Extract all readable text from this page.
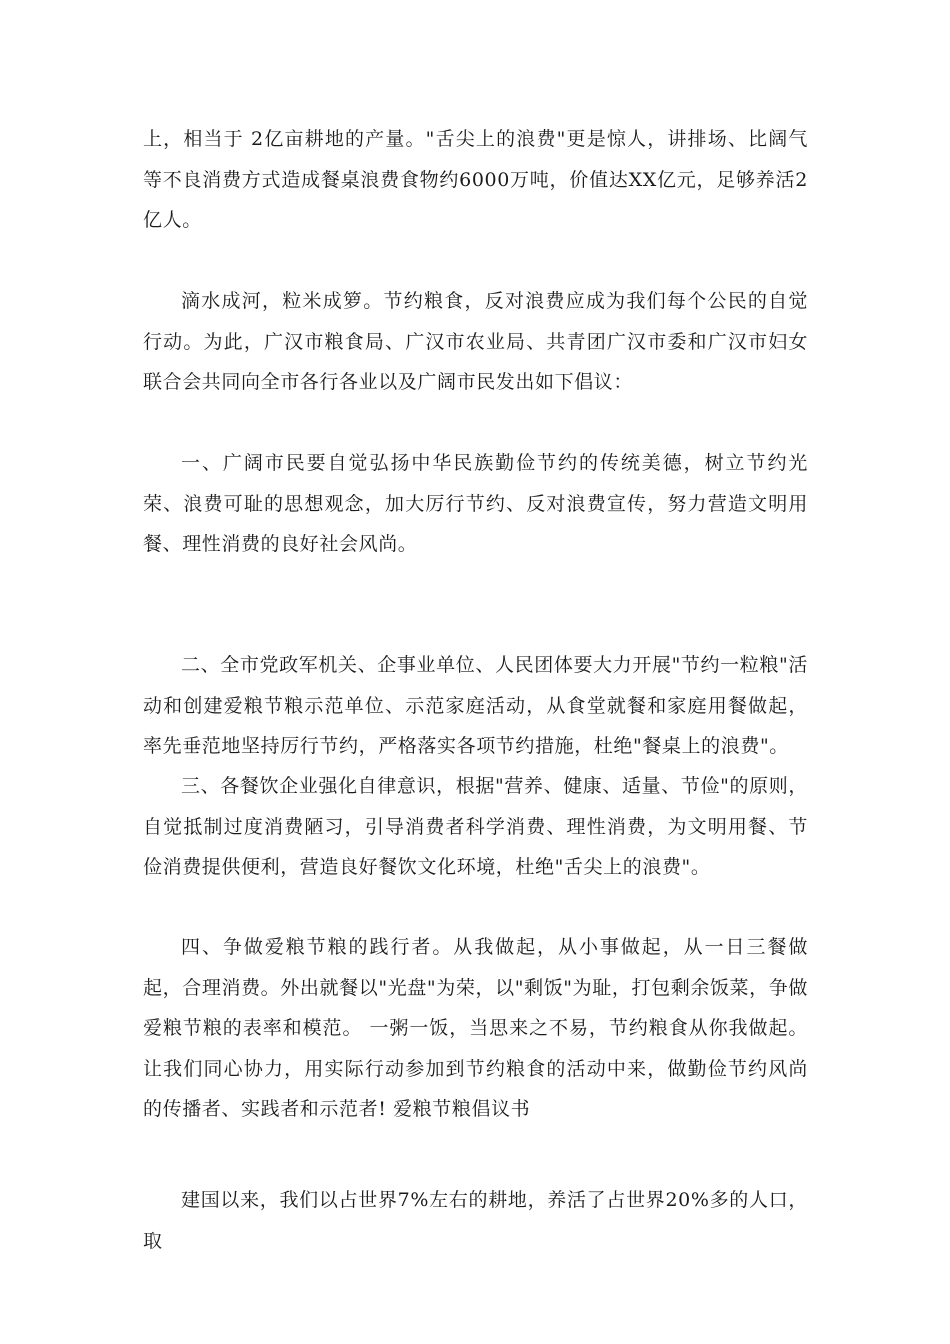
上，相当于 2亿亩耕地的产量。"舌尖上的浪费"更是惊人，讲排场、比阔气等不良消费方式造成餐桌浪费食物约6000万吨，价值达XX亿元，足够养活2亿人。

滴水成河，粒米成箩。节约粮食，反对浪费应成为我们每个公民的自觉行动。为此，广汉市粮食局、广汉市农业局、共青团广汉市委和广汉市妇女联合会共同向全市各行各业以及广阔市民发出如下倡议：

一、广阔市民要自觉弘扬中华民族勤俭节约的传统美德，树立节约光荣、浪费可耻的思想观念，加大厉行节约、反对浪费宣传，努力营造文明用餐、理性消费的良好社会风尚。

二、全市党政军机关、企事业单位、人民团体要大力开展"节约一粒粮"活动和创建爱粮节粮示范单位、示范家庭活动，从食堂就餐和家庭用餐做起，率先垂范地坚持厉行节约，严格落实各项节约措施，杜绝"餐桌上的浪费"。

三、各餐饮企业强化自律意识，根据"营养、健康、适量、节俭"的原则，自觉抵制过度消费陋习，引导消费者科学消费、理性消费，为文明用餐、节俭消费提供便利，营造良好餐饮文化环境，杜绝"舌尖上的浪费"。

四、争做爱粮节粮的践行者。从我做起，从小事做起，从一日三餐做起，合理消费。外出就餐以"光盘"为荣，以"剩饭"为耻，打包剩余饭菜，争做爱粮节粮的表率和模范。 一粥一饭，当思来之不易，节约粮食从你我做起。让我们同心协力，用实际行动参加到节约粮食的活动中来，做勤俭节约风尚的传播者、实践者和示范者! 爱粮节粮倡议书

建国以来，我们以占世界7%左右的耕地，养活了占世界20%多的人口，取
